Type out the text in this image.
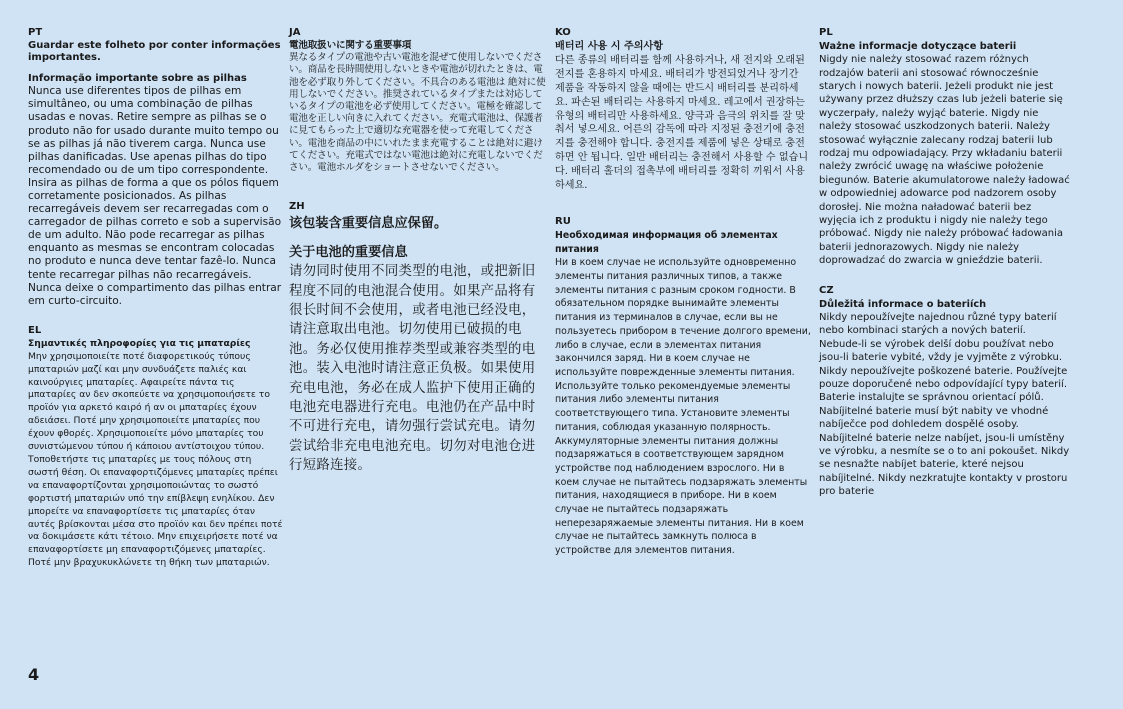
PT
Guardar este folheto por conter informações importantes.
Informação importante sobre as pilhas
Nunca use diferentes tipos de pilhas em simultâneo, ou uma combinação de pilhas usadas e novas. Retire sempre as pilhas se o produto não for usado durante muito tempo ou se as pilhas já não tiverem carga. Nunca use pilhas danificadas. Use apenas pilhas do tipo recomendado ou de um tipo correspondente. Insira as pilhas de forma a que os pólos fiquem corretamente posicionados. As pilhas recarregáveis devem ser recarregadas com o carregador de pilhas correto e sob a supervisão de um adulto. Não pode recarregar as pilhas enquanto as mesmas se encontram colocadas no produto e nunca deve tentar fazê-lo. Nunca tente recarregar pilhas não recarregáveis. Nunca deixe o compartimento das pilhas entrar em curto-circuito.
EL
Σημαντικές πληροφορίες για τις μπαταρίες
Μην χρησιμοποιείτε ποτέ διαφορετικούς τύπους μπαταριών μαζί και μην συνδυάζετε παλιές και καινούργιες μπαταρίες. Αφαιρείτε πάντα τις μπαταρίες αν δεν σκοπεύετε να χρησιμοποιήσετε το προϊόν για αρκετό καιρό ή αν οι μπαταρίες έχουν αδειάσει. Ποτέ μην χρησιμοποιείτε μπαταρίες που έχουν φθορές. Χρησιμοποιείτε μόνο μπαταρίες του συνιστώμενου τύπου ή κάποιου αντίστοιχου τύπου. Τοποθετήστε τις μπαταρίες με τους πόλους στη σωστή θέση. Οι επαναφορτιζόμενες μπαταρίες πρέπει να επαναφορτίζονται χρησιμοποιώντας το σωστό φορτιστή μπαταριών υπό την επίβλεψη ενηλίκου. Δεν μπορείτε να επαναφορτίσετε τις μπαταρίες όταν αυτές βρίσκονται μέσα στο προϊόν και δεν πρέπει ποτέ να δοκιμάσετε κάτι τέτοιο. Μην επιχειρήσετε ποτέ να επαναφορτίσετε μη επαναφορτιζόμενες μπαταρίες. Ποτέ μην βραχυκυκλώνετε τη θήκη των μπαταριών.
JA
電池取扱いに関する重要事項
異なるタイプの電池や古い電池を混ぜて使用しないでください。商品を長時間使用しないときや電池が切れたときは、電池を必ず取り外してください。不具合のある電池は 絶対に使用しないでください。推奨されているタイプまたは対応しているタイプの電池を必ず使用してください。電極を確認して電池を正しい向きに入れてください。充電式電池は、保護者に見てもらった上で適切な充電器を使って充電してください。電池を商品の中にいれたまま充電することは絶対に避けてください。充電式ではない電池は絶対に充電しないでください。電池ホルダをショートさせないでください。
ZH
该包装含重要信息应保留。
关于电池的重要信息
请勿同时使用不同类型的电池，或把新旧程度不同的电池混合使用。如果产品将有很长时间不会使用，或者电池已经没电，请注意取出电池。切勿使用已破损的电池。务必仅使用推荐类型或兼容类型的电池。装入电池时请注意正负极。如果使用充电电池，务必在成人监护下使用正确的电池充电器进行充电。电池仍在产品中时不可进行充电，请勿强行尝试充电。请勿尝试给非充电电池充电。切勿对电池仓进行短路连接。
KO
배터리 사용 시 주의사항
다른 종류의 배터리를 함께 사용하거나, 새 전지와 오래된 전지를 혼용하지 마세요. 배터리가 방전되었거나 장기간 제품을 작동하지 않을 때에는 반드시 배터리를 분리하세요. 파손된 배터리는 사용하지 마세요. 레고에서 권장하는 유형의 배터리만 사용하세요. 양극과 음극의 위치를 잘 맞춰서 넣으세요. 어른의 감독에 따라 지정된 충전기에 충전지를 충전해야 합니다. 충전지를 제품에 넣은 상태로 충전하면 안 됩니다. 일반 배터리는 충전해서 사용할 수 없습니다. 배터리 홀더의 접촉부에 배터리를 정확히 끼워서 사용하세요.
RU
Необходимая информация об элементах питания
Ни в коем случае не используйте одновременно элементы питания различных типов, а также элементы питания с разным сроком годности. В обязательном порядке вынимайте элементы питания из терминалов в случае, если вы не пользуетесь прибором в течение долгого времени, либо в случае, если в элементах питания закончился заряд. Ни в коем случае не используйте поврежденные элементы питания. Используйте только рекомендуемые элементы питания либо элементы питания соответствующего типа. Установите элементы питания, соблюдая указанную полярность. Аккумуляторные элементы питания должны подзаряжаться в соответствующем зарядном устройстве под наблюдением взрослого. Ни в коем случае не пытайтесь подзаряжать элементы питания, находящиеся в приборе. Ни в коем случае не пытайтесь подзаряжать неперезаряжаемые элементы питания. Ни в коем случае не пытайтесь замкнуть полюса в устройстве для элементов питания.
PL
Ważne informacje dotyczące baterii
Nigdy nie należy stosować razem różnych rodzajów baterii ani stosować równocześnie starych i nowych baterii. Jeżeli produkt nie jest używany przez dłuższy czas lub jeżeli baterie się wyczerpały, należy wyjąć baterie. Nigdy nie należy stosować uszkodzonych baterii. Należy stosować wyłącznie zalecany rodzaj baterii lub rodzaj mu odpowiadający. Przy wkładaniu baterii należy zwrócić uwagę na właściwe położenie biegunów. Baterie akumulatorowe należy ładować w odpowiedniej adowarce pod nadzorem osoby dorosłej. Nie można naładować baterii bez wyjęcia ich z produktu i nigdy nie należy tego próbować. Nigdy nie należy próbować ładowania baterii jednorazowych. Nigdy nie należy doprowadzać do zwarcia w gnieździe baterii.
CZ
Důležitá informace o bateriích
Nikdy nepoužívejte najednou různé typy baterií nebo kombinaci starých a nových baterií. Nebude-li se výrobek delší dobu používat nebo jsou-li baterie vybité, vždy je vyjměte z výrobku. Nikdy nepoužívejte poškozené baterie. Používejte pouze doporučené nebo odpovídající typy baterií. Baterie instalujte se správnou orientací pólů. Nabíjitelné baterie musí být nabity ve vhodné nabíječce pod dohledem dospělé osoby. Nabíjitelné baterie nelze nabíjet, jsou-li umístěny ve výrobku, a nesmíte se o to ani pokoušet. Nikdy se nesnažte nabíjet baterie, které nejsou nabíjitelné. Nikdy nezkratujte kontakty v prostoru pro baterie
4
